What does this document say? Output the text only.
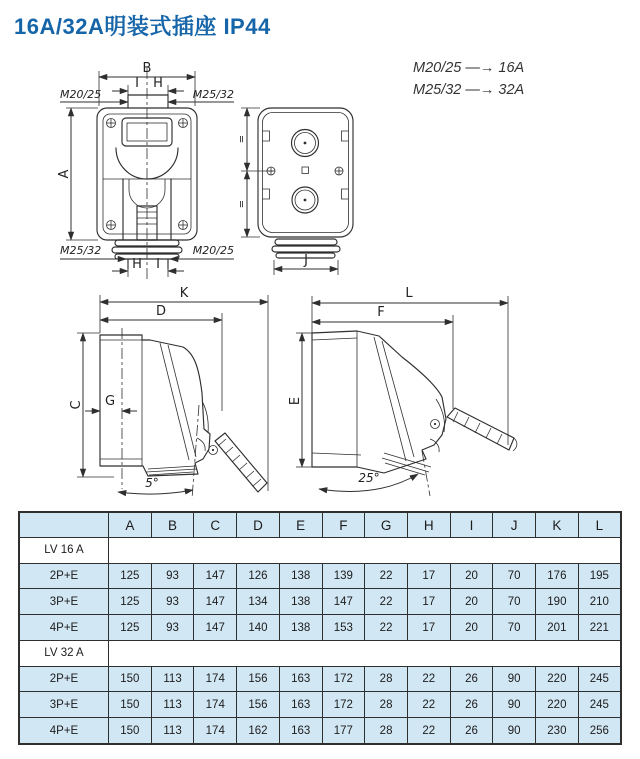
16A/32A明装式插座 IP44
M20/25 —→ 16A
M25/32 —→ 32A
B
I H
M20/25	M25/32
A
M25/32	M20/25
H I
=
=
J
K
D
C G
5°
L
F
E
25°
	A	B	C	D	E	F	G	H	I	J	K	L
LV 16 A												
2P+E	125	93	147	126	138	139	22	17	20	70	176	195
3P+E	125	93	147	134	138	147	22	17	20	70	190	210
4P+E	125	93	147	140	138	153	22	17	20	70	201	221
LV 32 A												
2P+E	150	113	174	156	163	172	28	22	26	90	220	245
3P+E	150	113	174	156	163	172	28	22	26	90	220	245
4P+E	150	113	174	162	163	177	28	22	26	90	230	256
